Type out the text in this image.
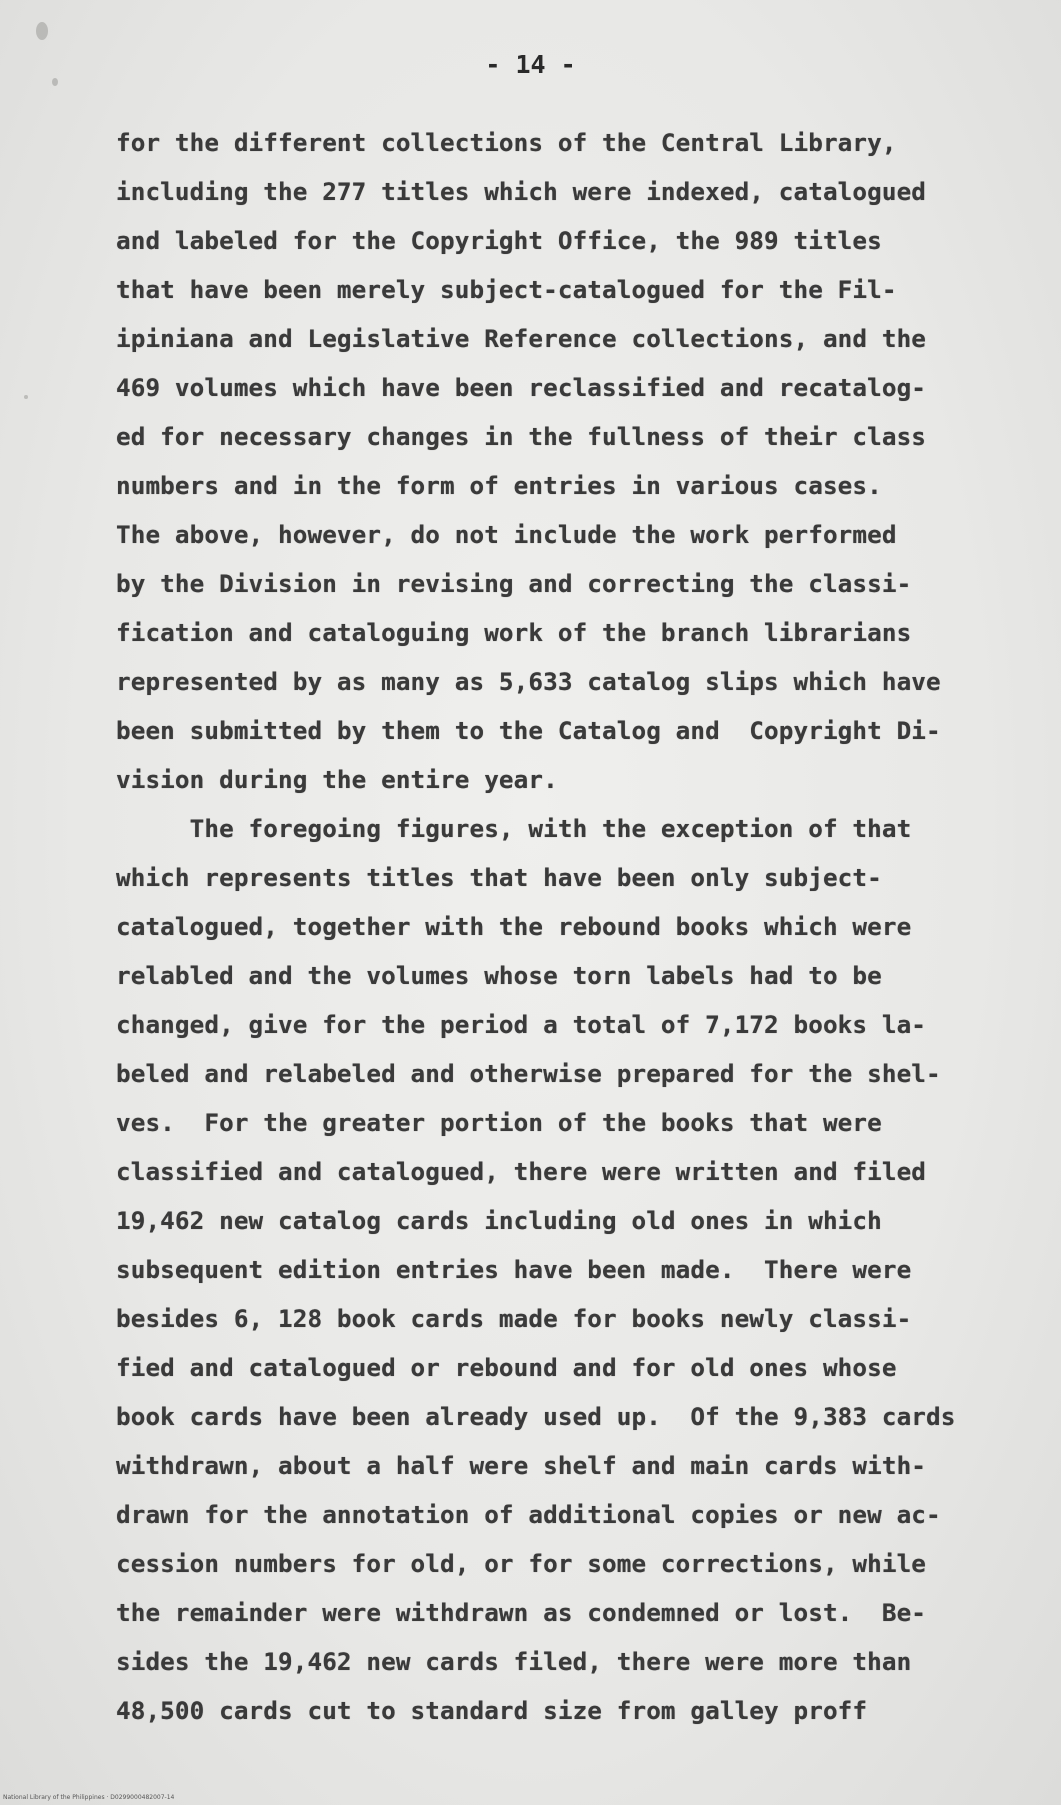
- 14 -
for the different collections of the Central Library,
including the 277 titles which were indexed, catalogued
and labeled for the Copyright Office, the 989 titles
that have been merely subject-catalogued for the Fil-
ipiniana and Legislative Reference collections, and the
469 volumes which have been reclassified and recatalog-
ed for necessary changes in the fullness of their class
numbers and in the form of entries in various cases.
The above, however, do not include the work performed
by the Division in revising and correcting the classi-
fication and cataloguing work of the branch librarians
represented by as many as 5,633 catalog slips which have
been submitted by them to the Catalog and  Copyright Di-
vision during the entire year.
The foregoing figures, with the exception of that
which represents titles that have been only subject-
catalogued, together with the rebound books which were
relabled and the volumes whose torn labels had to be
changed, give for the period a total of 7,172 books la-
beled and relabeled and otherwise prepared for the shel-
ves.  For the greater portion of the books that were
classified and catalogued, there were written and filed
19,462 new catalog cards including old ones in which
subsequent edition entries have been made.  There were
besides 6, 128 book cards made for books newly classi-
fied and catalogued or rebound and for old ones whose
book cards have been already used up.  Of the 9,383 cards
withdrawn, about a half were shelf and main cards with-
drawn for the annotation of additional copies or new ac-
cession numbers for old, or for some corrections, while
the remainder were withdrawn as condemned or lost.  Be-
sides the 19,462 new cards filed, there were more than
48,500 cards cut to standard size from galley proff
National Library of the Philippines · D0299000482007-14
